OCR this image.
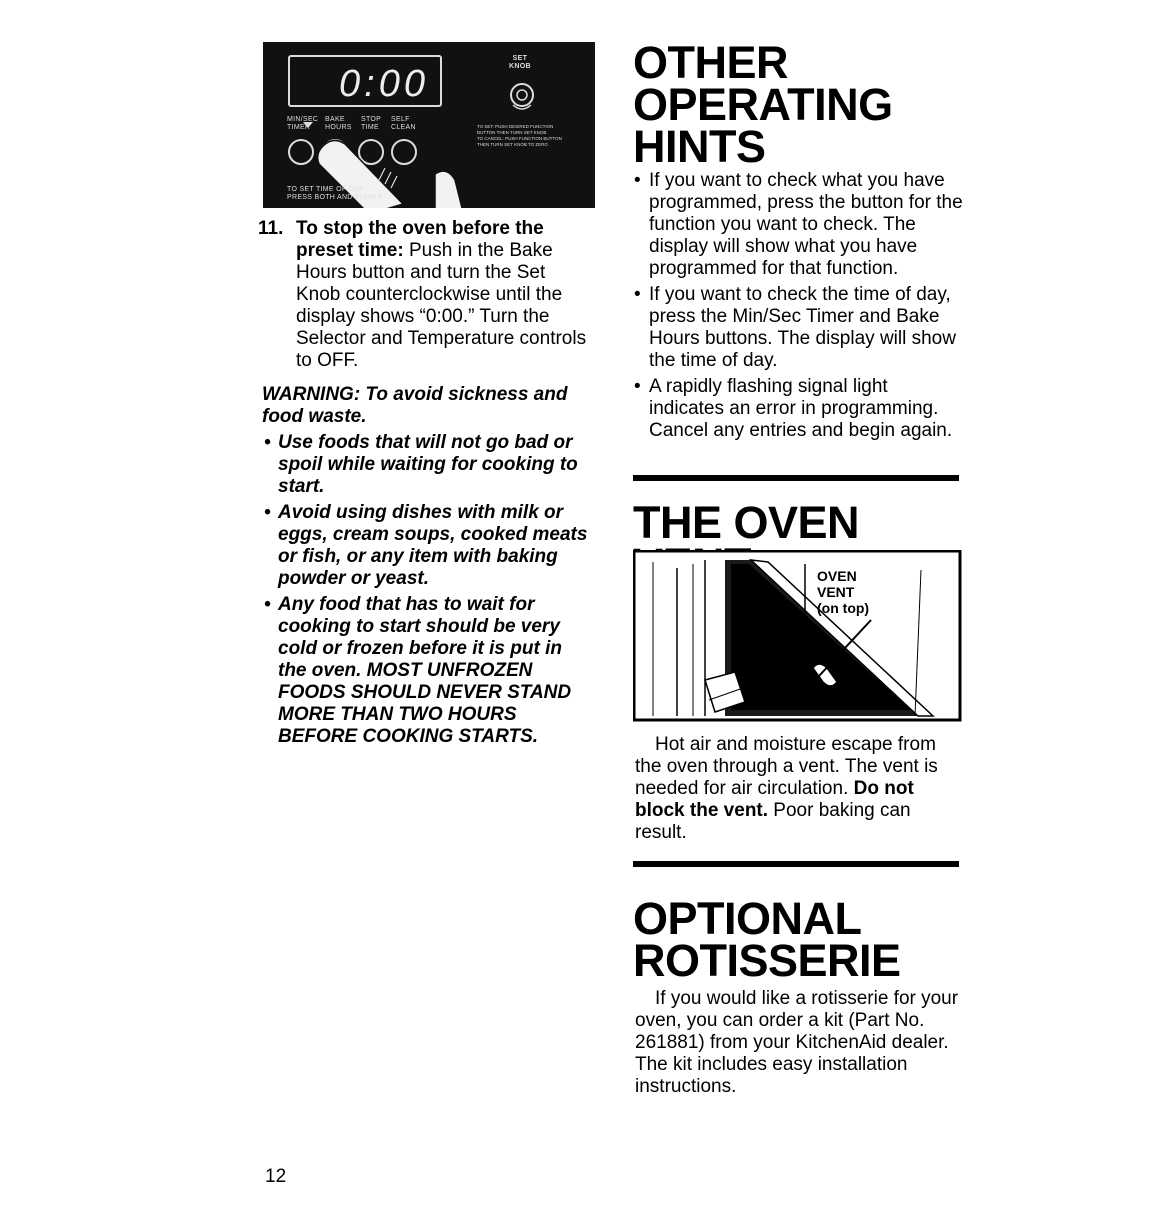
0:00
SET
KNOB
MIN/SEC
TIMER
BAKE
HOURS
STOP
TIME
SELF
CLEAN	TO SET: PUSH DESIRED FUNCTION
BUTTON THEN TURN SET KNOB
TO CANCEL: PUSH FUNCTION BUTTON
THEN TURN SET KNOB TO ZERO
TO SET TIME OF DAY
PRESS BOTH AND TURN S
11. To stop the oven before the preset time: Push in the Bake Hours button and turn the Set Knob counterclockwise until the display shows “0:00.” Turn the Selector and Temperature controls to OFF.
WARNING: To avoid sickness and food waste.
• Use foods that will not go bad or spoil while waiting for cooking to start.
• Avoid using dishes with milk or eggs, cream soups, cooked meats or fish, or any item with baking powder or yeast.
• Any food that has to wait for cooking to start should be very cold or frozen before it is put in the oven. MOST UNFROZEN FOODS SHOULD NEVER STAND MORE THAN TWO HOURS BEFORE COOKING STARTS.
OTHER OPERATING HINTS
• If you want to check what you have programmed, press the button for the function you want to check. The display will show what you have programmed for that function.
• If you want to check the time of day, press the Min/Sec Timer and Bake Hours buttons. The display will show the time of day.
• A rapidly flashing signal light indicates an error in programming. Cancel any entries and begin again.
THE OVEN
OVEN
VENT
(on top)
Hot air and moisture escape from the oven through a vent. The vent is needed for air circulation. Do not block the vent. Poor baking can result.
OPTIONAL ROTISSERIE
If you would like a rotisserie for your oven, you can order a kit (Part No. 261881) from your KitchenAid dealer. The kit includes easy installation instructions.
12
